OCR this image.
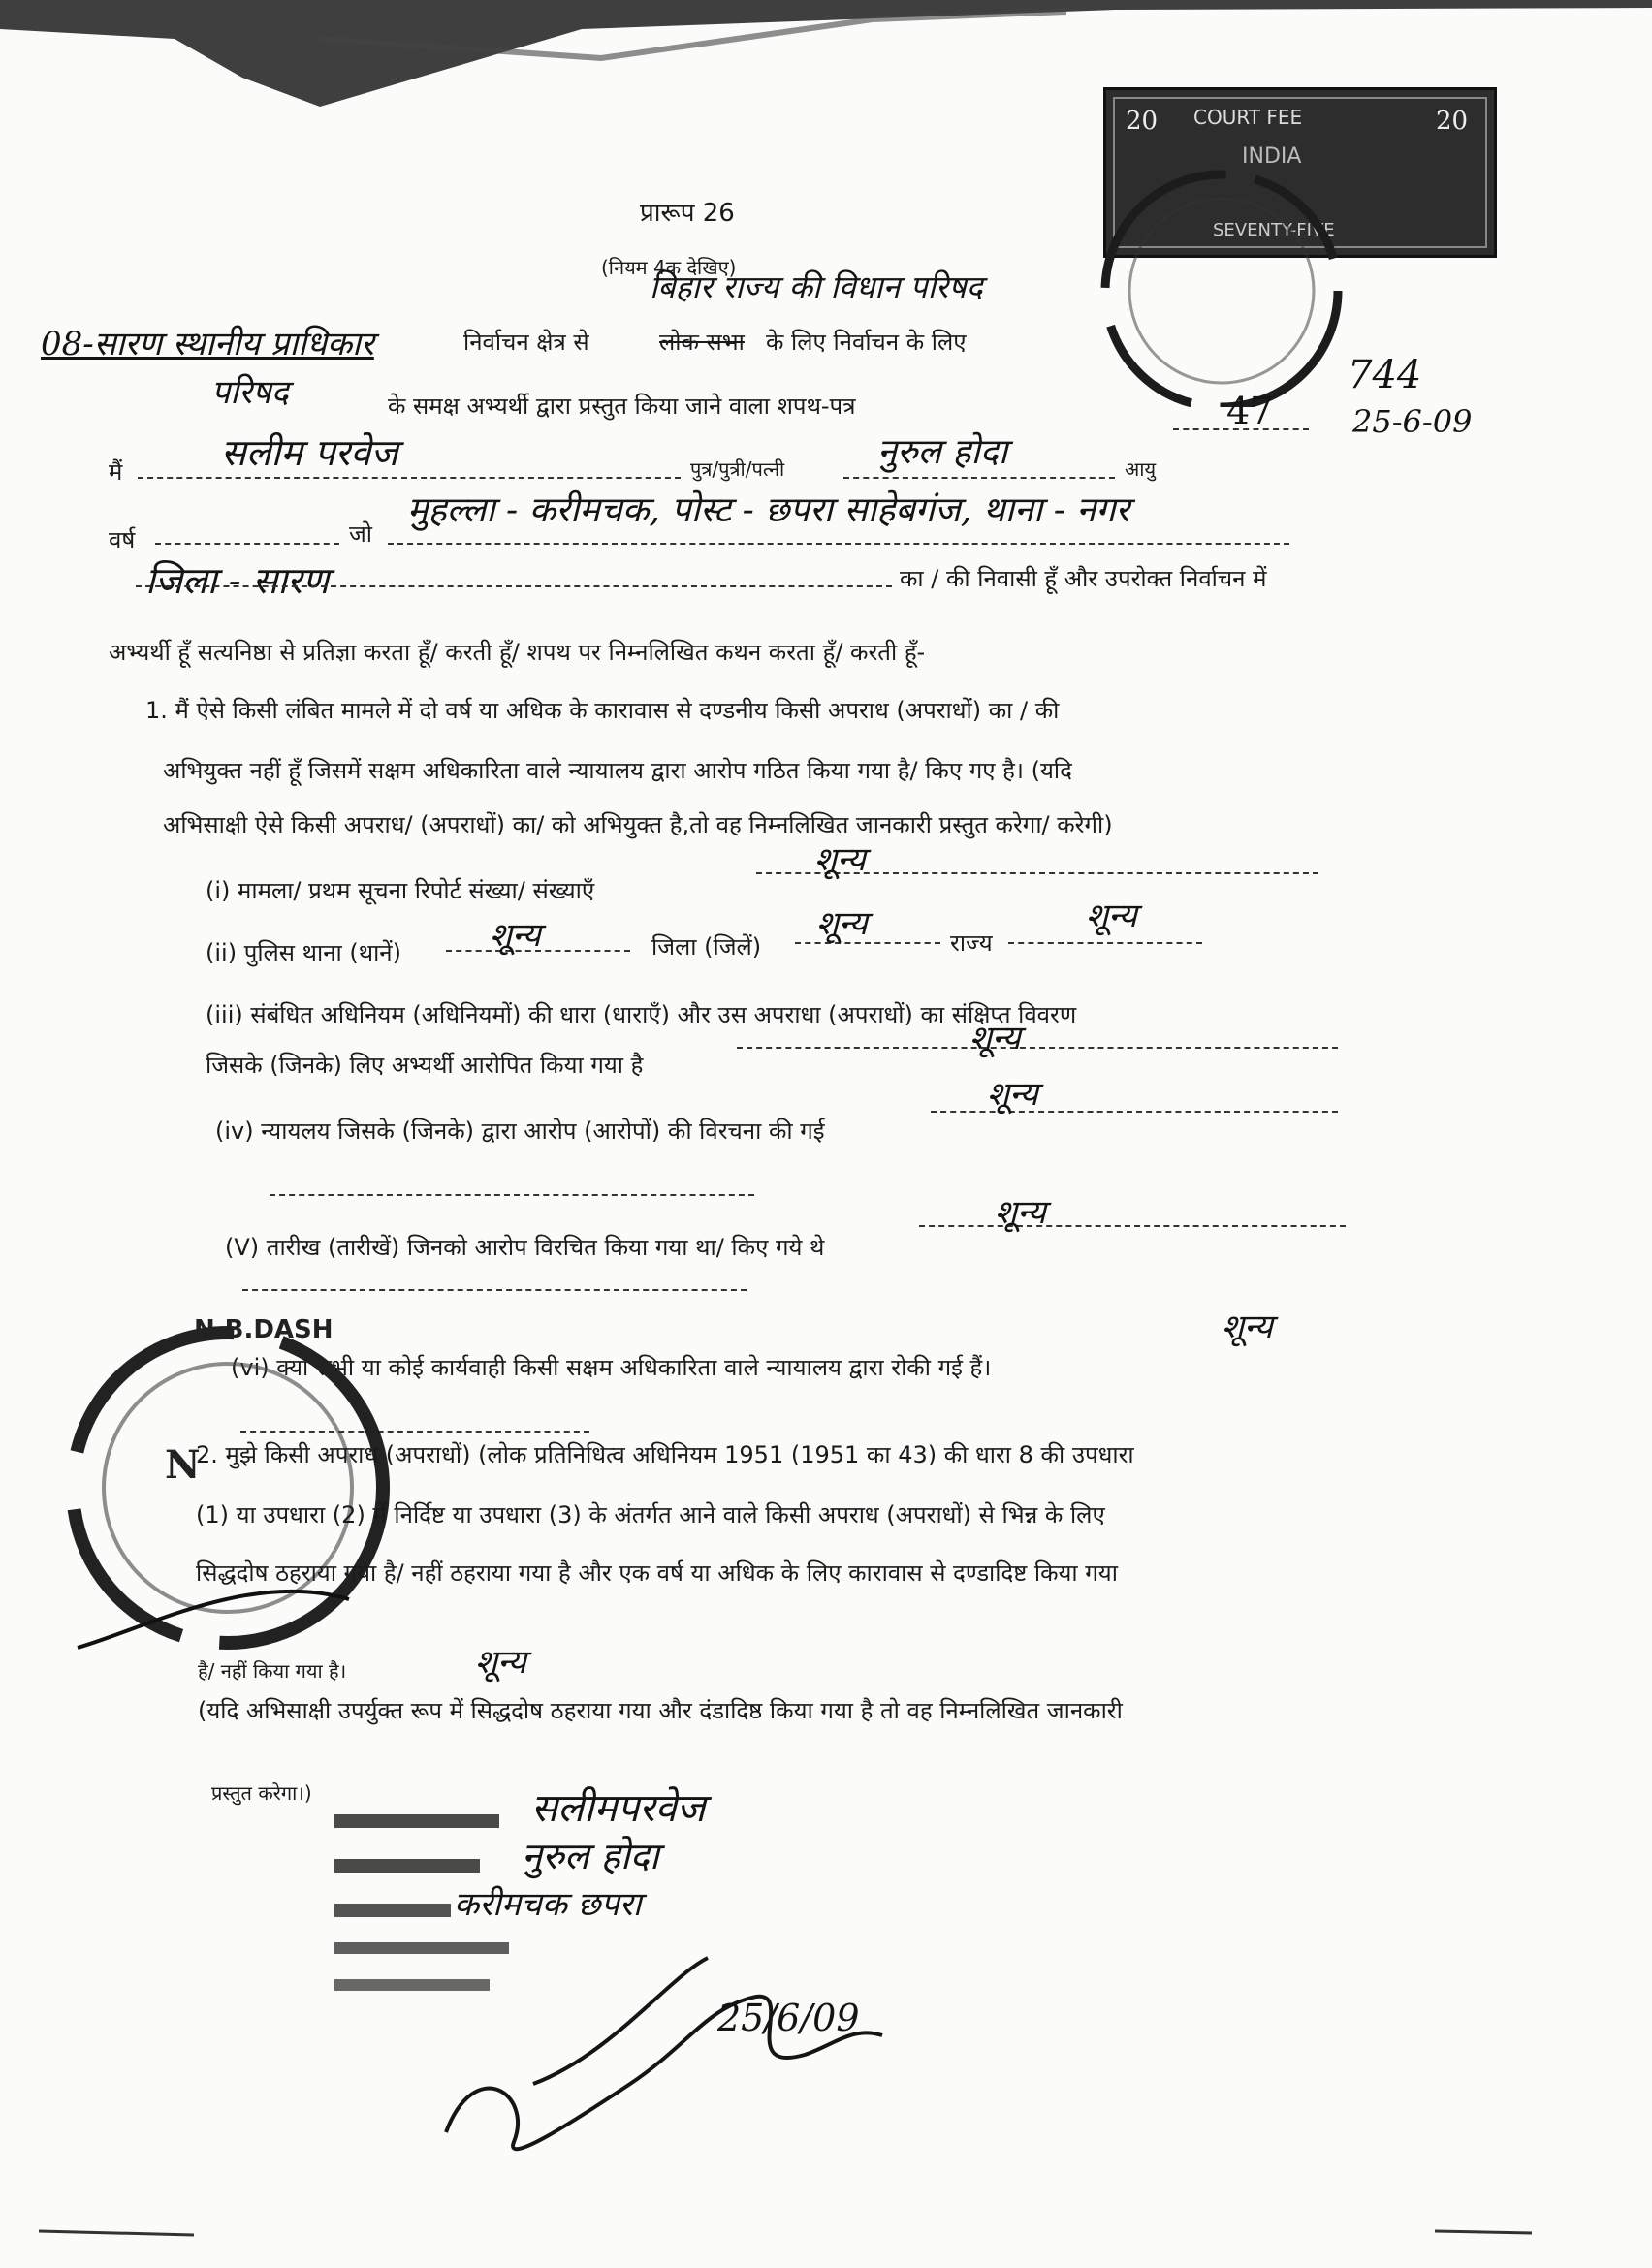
20	20
COURT FEE
INDIA
SEVENTY-FIVE
प्रारूप 26
(नियम 4क देखिए)
बिहार राज्य की विधान परिषद
08-सारण स्थानीय प्राधिकार	निर्वाचन क्षेत्र से	लोक सभा के लिए निर्वाचन के लिए
परिषद	के समक्ष अभ्यर्थी द्वारा प्रस्तुत किया जाने वाला शपथ-पत्र
744
25-6-09
मैं	सलीम परवेज	पुत्र/पुत्री/पत्नी	नुरुल होदा	आयु
47
वर्ष	जो
मुहल्ला - करीमचक, पोस्ट - छपरा साहेबगंज, थाना - नगर
जिला - सारण	का / की निवासी हूँ और उपरोक्त निर्वाचन में
अभ्यर्थी हूँ सत्यनिष्ठा से प्रतिज्ञा करता हूँ/ करती हूँ/ शपथ पर निम्नलिखित कथन करता हूँ/ करती हूँ-
1. मैं ऐसे किसी लंबित मामले में दो वर्ष या अधिक के कारावास से दण्डनीय किसी अपराध (अपराधों) का / की
अभियुक्त नहीं हूँ जिसमें सक्षम अधिकारिता वाले न्यायालय द्वारा आरोप गठित किया गया है/ किए गए है। (यदि
अभिसाक्षी ऐसे किसी अपराध/ (अपराधों) का/ को अभियुक्त है,तो वह निम्नलिखित जानकारी प्रस्तुत करेगा/ करेगी)
(i) मामला/ प्रथम सूचना रिपोर्ट संख्या/ संख्याएँ
शून्य
(ii) पुलिस थाना (थानें)	शून्य	जिला (जिलें)
शून्य	राज्य
शून्य
(iii) संबंधित अधिनियम (अधिनियमों) की धारा (धाराएँ) और उस अपराधा (अपराधों) का संक्षिप्त विवरण
जिसके (जिनके) लिए अभ्यर्थी आरोपित किया गया है
शून्य
(iv) न्यायलय जिसके (जिनके) द्वारा आरोप (आरोपों) की विरचना की गई
शून्य
(V) तारीख (तारीखें) जिनको आरोप विरचित किया गया था/ किए गये थे
शून्य
(vi) क्या सभी या कोई कार्यवाही किसी सक्षम अधिकारिता वाले न्यायालय द्वारा रोकी गई हैं।
शून्य
N.B.DASH
N
2. मुझे किसी अपराध (अपराधों) (लोक प्रतिनिधित्व अधिनियम 1951 (1951 का 43) की धारा 8 की उपधारा
(1) या उपधारा (2) में निर्दिष्ट या उपधारा (3) के अंतर्गत आने वाले किसी अपराध (अपराधों) से भिन्न के लिए
सिद्धदोष ठहराया गया है/ नहीं ठहराया गया है और एक वर्ष या अधिक के लिए कारावास से दण्डादिष्ट किया गया
है/ नहीं किया गया है।	शून्य
(यदि अभिसाक्षी उपर्युक्त रूप में सिद्धदोष ठहराया गया और दंडादिष्ठ किया गया है तो वह निम्नलिखित जानकारी
प्रस्तुत करेगा।)	सलीमपरवेज
नुरुल होदा
करीमचक छपरा
25/6/09
